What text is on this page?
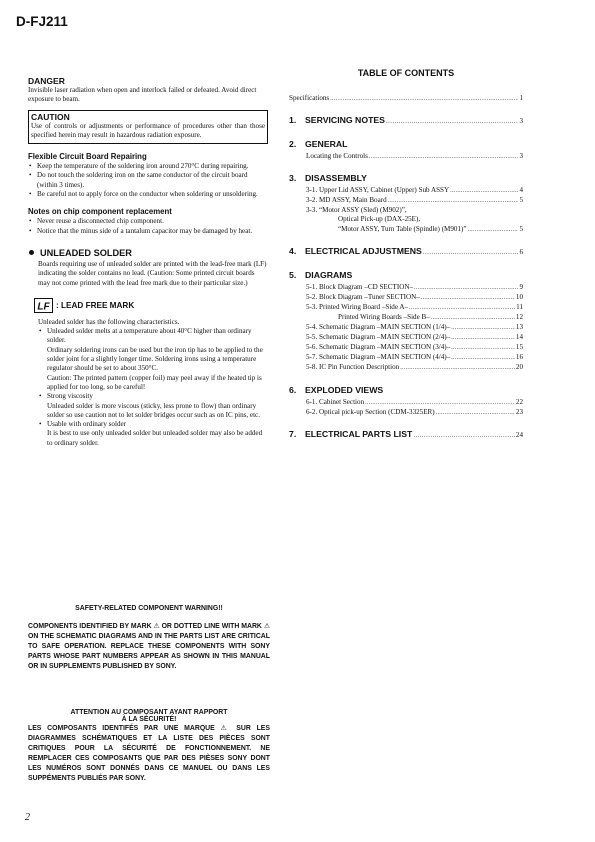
D-FJ211

DANGER

Invisible laser radiation when open and interlock failed or defeated. Avoid direct exposure to beam.

CAUTION

Use of controls or adjustments or performance of procedures other than those specified herein may result in hazardous radiation exposure.

Flexible Circuit Board Repairing

• Keep the temperature of the soldering iron around 270°C during repairing.
• Do not touch the soldering iron on the same conductor of the circuit board (within 3 times).
• Be careful not to apply force on the conductor when soldering or unsoldering.

Notes on chip component replacement

• Never reuse a disconnected chip component.
• Notice that the minus side of a tantalum capacitor may be damaged by heat.

UNLEADED SOLDER

Boards requiring use of unleaded solder are printed with the lead-free mark (LF) indicating the solder contains no lead. (Caution: Some printed circuit boards may not come printed with the lead free mark due to their particular size.)

LF : LEAD FREE MARK

Unleaded solder has the following characteristics.

• Unleaded solder melts at a temperature about 40°C higher than ordinary solder.
Ordinary soldering irons can be used but the iron tip has to be applied to the solder joint for a slightly longer time. Soldering irons using a temperature regulator should be set to about 350°C.
Caution: The printed pattern (copper foil) may peel away if the heated tip is applied for too long, so be careful!
• Strong viscosity
Unleaded solder is more viscous (sticky, less prone to flow) than ordinary solder so use caution not to let solder bridges occur such as on IC pins, etc.
• Usable with ordinary solder
It is best to use only unleaded solder but unleaded solder may also be added to ordinary solder.

SAFETY-RELATED COMPONENT WARNING!!

COMPONENTS IDENTIFIED BY MARK ⚠ OR DOTTED LINE WITH MARK ⚠ ON THE SCHEMATIC DIAGRAMS AND IN THE PARTS LIST ARE CRITICAL TO SAFE OPERATION. REPLACE THESE COMPONENTS WITH SONY PARTS WHOSE PART NUMBERS APPEAR AS SHOWN IN THIS MANUAL OR IN SUPPLEMENTS PUBLISHED BY SONY.

ATTENTION AU COMPOSANT AYANT RAPPORT

À LA SÉCURITÉ!

LES COMPOSANTS IDENTIFÉS PAR UNE MARQUE ⚠ SUR LES DIAGRAMMES SCHÉMATIQUES ET LA LISTE DES PIÈCES SONT CRITIQUES POUR LA SÉCURITÉ DE FONCTIONNEMENT. NE REMPLACER CES COMPOSANTS QUE PAR DES PIÈSES SONY DONT LES NUMÉROS SONT DONNÉS DANS CE MANUEL OU DANS LES SUPPÉMENTS PUBLIÉS PAR SONY.

TABLE OF CONTENTS

Specifications . . .	1
1.	SERVICING NOTES . . .	3
2.	GENERAL
Locating the Controls . . .	3
3.	DISASSEMBLY
3-1. Upper Lid ASSY, Cabinet (Upper) Sub ASSY . . .	4
3-2. MD ASSY, Main Board . . .	5
3-3. “Motor ASSY (Sled) (M902)”,
Optical Pick-up (DAX-25E),
“Motor ASSY, Turn Table (Spindle) (M901)” . . .	5
4.	ELECTRICAL ADJUSTMENS . . .	6
5.	DIAGRAMS
5-1. Block Diagram –CD SECTION– . . .	9
5-2. Block Diagram –Tuner SECTION– . . .	10
5-3. Printed Wiring Board –Side A– . . .	11
Printed Wiring Boards –Side B– . . .	12
5-4. Schematic Diagram –MAIN SECTION (1/4)– . . .	13
5-5. Schematic Diagram –MAIN SECTION (2/4)– . . .	14
5-6. Schematic Diagram –MAIN SECTION (3/4)– . . .	15
5-7. Schematic Diagram –MAIN SECTION (4/4)– . . .	16
5-8. IC Pin Function Description . . .	20
6.	EXPLODED VIEWS
6-1. Cabinet Section . . .	22
6-2. Optical pick-up Section (CDM-3325ER) . . .	23
7.	ELECTRICAL PARTS LIST . . .	24
2
